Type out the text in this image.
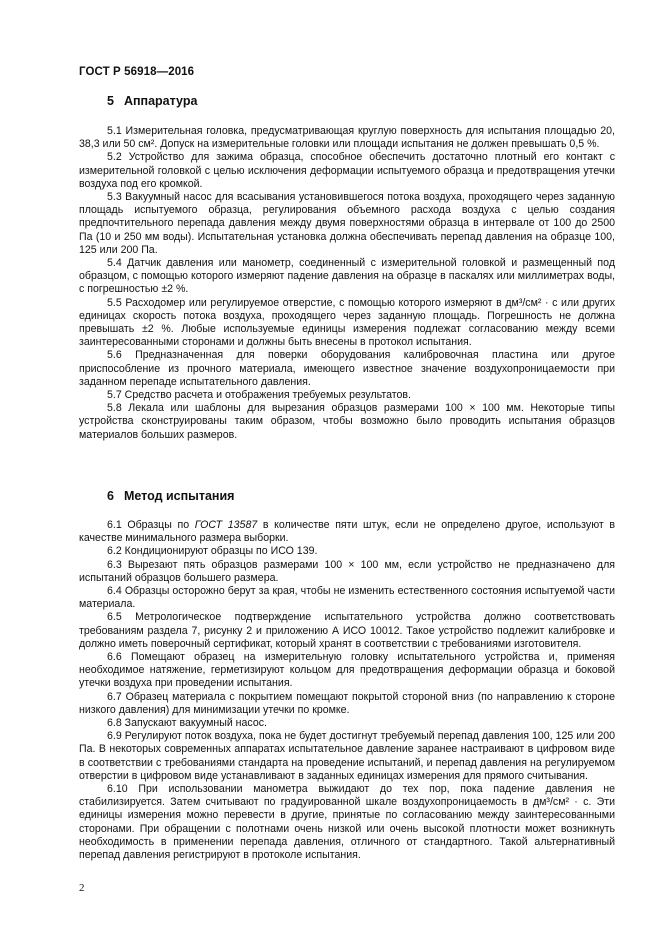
ГОСТ Р 56918—2016
5 Аппаратура

5.1 Измерительная головка, предусматривающая круглую поверхность для испытания площадью 20, 38,3 или 50 см². Допуск на измерительные головки или площади испытания не должен превышать 0,5 %.

5.2 Устройство для зажима образца, способное обеспечить достаточно плотный его контакт с измерительной головкой с целью исключения деформации испытуемого образца и предотвращения утечки воздуха под его кромкой.

5.3 Вакуумный насос для всасывания установившегося потока воздуха, проходящего через заданную площадь испытуемого образца, регулирования объемного расхода воздуха с целью создания предпочтительного перепада давления между двумя поверхностями образца в интервале от 100 до 2500 Па (10 и 250 мм воды). Испытательная установка должна обеспечивать перепад давления на образце 100, 125 или 200 Па.

5.4 Датчик давления или манометр, соединенный с измерительной головкой и размещенный под образцом, с помощью которого измеряют падение давления на образце в паскалях или миллиметрах воды, с погрешностью ±2 %.

5.5 Расходомер или регулируемое отверстие, с помощью которого измеряют в дм³/см² · с или других единицах скорость потока воздуха, проходящего через заданную площадь. Погрешность не должна превышать ±2 %. Любые используемые единицы измерения подлежат согласованию между всеми заинтересованными сторонами и должны быть внесены в протокол испытания.

5.6 Предназначенная для поверки оборудования калибровочная пластина или другое приспособление из прочного материала, имеющего известное значение воздухопроницаемости при заданном перепаде испытательного давления.

5.7 Средство расчета и отображения требуемых результатов.

5.8 Лекала или шаблоны для вырезания образцов размерами 100 × 100 мм. Некоторые типы устройства сконструированы таким образом, чтобы возможно было проводить испытания образцов материалов больших размеров.

6 Метод испытания

6.1 Образцы по ГОСТ 13587 в количестве пяти штук, если не определено другое, используют в качестве минимального размера выборки.

6.2 Кондиционируют образцы по ИСО 139.

6.3 Вырезают пять образцов размерами 100 × 100 мм, если устройство не предназначено для испытаний образцов большего размера.

6.4 Образцы осторожно берут за края, чтобы не изменить естественного состояния испытуемой части материала.

6.5 Метрологическое подтверждение испытательного устройства должно соответствовать требованиям раздела 7, рисунку 2 и приложению А ИСО 10012. Такое устройство подлежит калибровке и должно иметь поверочный сертификат, который хранят в соответствии с требованиями изготовителя.

6.6 Помещают образец на измерительную головку испытательного устройства и, применяя необходимое натяжение, герметизируют кольцом для предотвращения деформации образца и боковой утечки воздуха при проведении испытания.

6.7 Образец материала с покрытием помещают покрытой стороной вниз (по направлению к стороне низкого давления) для минимизации утечки по кромке.

6.8 Запускают вакуумный насос.

6.9 Регулируют поток воздуха, пока не будет достигнут требуемый перепад давления 100, 125 или 200 Па. В некоторых современных аппаратах испытательное давление заранее настраивают в цифровом виде в соответствии с требованиями стандарта на проведение испытаний, и перепад давления на регулируемом отверстии в цифровом виде устанавливают в заданных единицах измерения для прямого считывания.

6.10 При использовании манометра выжидают до тех пор, пока падение давления не стабилизируется. Затем считывают по градуированной шкале воздухопроницаемость в дм³/см² · с. Эти единицы измерения можно перевести в другие, принятые по согласованию между заинтересованными сторонами. При обращении с полотнами очень низкой или очень высокой плотности может возникнуть необходимость в применении перепада давления, отличного от стандартного. Такой альтернативный перепад давления регистрируют в протоколе испытания.

2
